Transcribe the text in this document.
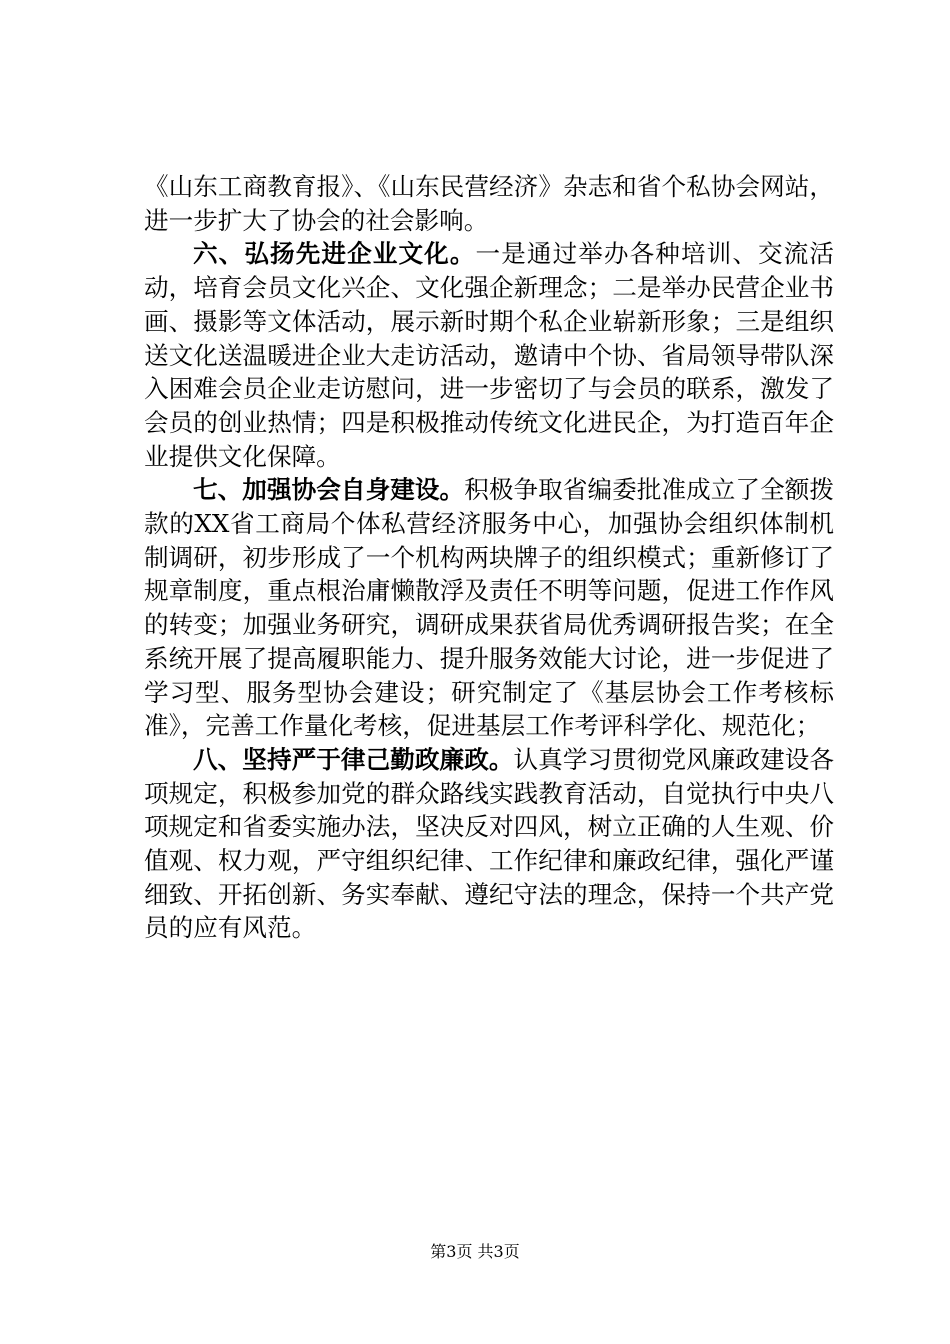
《山东工商教育报》、《山东民营经济》杂志和省个私协会网站，进一步扩大了协会的社会影响。

六、弘扬先进企业文化。一是通过举办各种培训、交流活动，培育会员文化兴企、文化强企新理念；二是举办民营企业书画、摄影等文体活动，展示新时期个私企业崭新形象；三是组织送文化送温暖进企业大走访活动，邀请中个协、省局领导带队深入困难会员企业走访慰问，进一步密切了与会员的联系，激发了会员的创业热情；四是积极推动传统文化进民企，为打造百年企业提供文化保障。

七、加强协会自身建设。积极争取省编委批准成立了全额拨款的XX省工商局个体私营经济服务中心，加强协会组织体制机制调研，初步形成了一个机构两块牌子的组织模式；重新修订了规章制度，重点根治庸懒散浮及责任不明等问题，促进工作作风的转变；加强业务研究，调研成果获省局优秀调研报告奖；在全系统开展了提高履职能力、提升服务效能大讨论，进一步促进了学习型、服务型协会建设；研究制定了《基层协会工作考核标准》，完善工作量化考核，促进基层工作考评科学化、规范化；

八、坚持严于律己勤政廉政。认真学习贯彻党风廉政建设各项规定，积极参加党的群众路线实践教育活动，自觉执行中央八项规定和省委实施办法，坚决反对四风，树立正确的人生观、价值观、权力观，严守组织纪律、工作纪律和廉政纪律，强化严谨细致、开拓创新、务实奉献、遵纪守法的理念，保持一个共产党员的应有风范。

第3页 共3页
